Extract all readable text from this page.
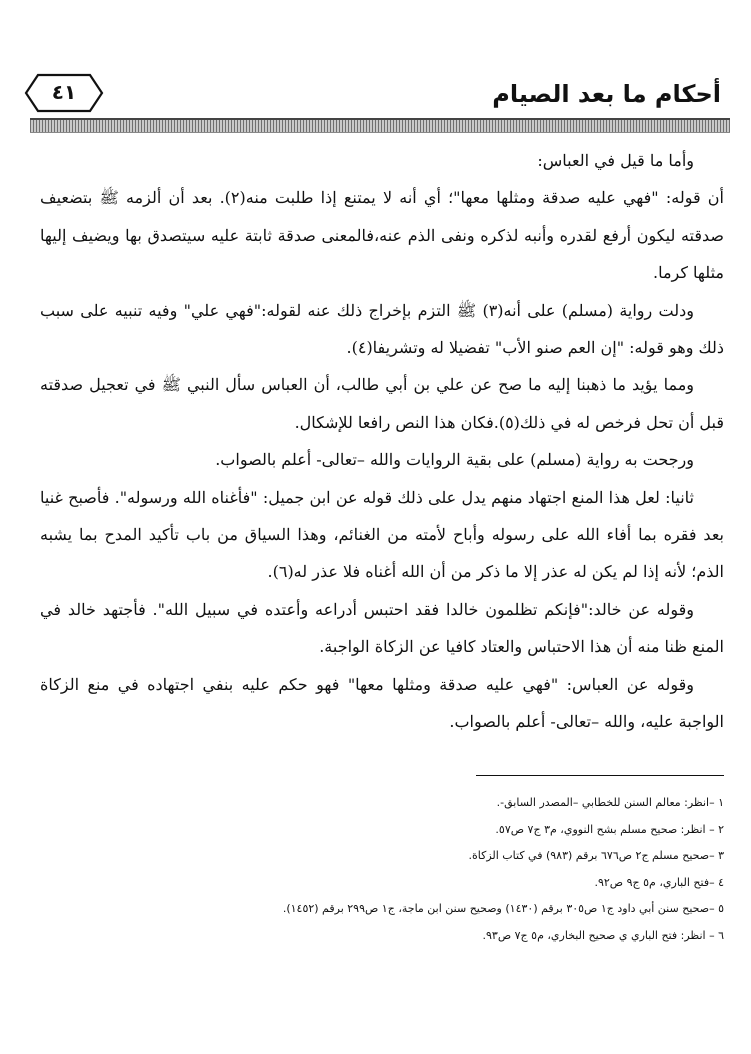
أحكام ما بعد الصيام
٤١

وأما ما قيل في العباس:

أن قوله: "فهي عليه صدقة ومثلها معها"؛ أي أنه لا يمتنع إذا طلبت منه(٢). بعد أن ألزمه ﷺ بتضعيف صدقته ليكون أرفع لقدره وأنبه لذكره ونفى الذم عنه،فالمعنى صدقة ثابتة عليه سيتصدق بها ويضيف إليها مثلها كرما.

ودلت رواية (مسلم) على أنه(٣) ﷺ التزم بإخراج ذلك عنه لقوله:"فهي علي" وفيه تنبيه على سبب ذلك وهو قوله: "إن العم صنو الأب" تفضيلا له وتشريفا(٤).

ومما يؤيد ما ذهبنا إليه ما صح عن علي بن أبي طالب، أن العباس سأل النبي ﷺ في تعجيل صدقته قبل أن تحل فرخص له في ذلك(٥).فكان هذا النص رافعا للإشكال.

ورجحت به رواية (مسلم) على بقية الروايات والله –تعالى- أعلم بالصواب.

ثانيا: لعل هذا المنع اجتهاد منهم يدل على ذلك قوله عن ابن جميل: "فأغناه الله ورسوله". فأصبح غنيا بعد فقره بما أفاء الله على رسوله وأباح لأمته من الغنائم، وهذا السياق من باب تأكيد المدح بما يشبه الذم؛ لأنه إذا لم يكن له عذر إلا ما ذكر من أن الله أغناه فلا عذر له(٦).

وقوله عن خالد:"فإنكم تظلمون خالدا فقد احتبس أدراعه وأعتده في سبيل الله". فأجتهد خالد في المنع ظنا منه أن هذا الاحتباس والعتاد كافيا عن الزكاة الواجبة.

وقوله عن العباس: "فهي عليه صدقة ومثلها معها" فهو حكم عليه بنفي اجتهاده في منع الزكاة الواجبة عليه، والله –تعالى- أعلم بالصواب.

١ –انظر: معالم السنن للخطابي –المصدر السابق-.

٢ – انظر: صحيح مسلم بشح النووي، م٣ ج٧ ص٥٧.

٣ –صحيح مسلم ج٢ ص٦٧٦ برقم (٩٨٣) في كتاب الزكاة.

٤ –فتح الباري، م٥ ج٩ ص٩٢.

٥ –صحيح سنن أبي داود ج١ ص٣٠٥ برقم (١٤٣٠) وصحيح سنن ابن ماجة، ج١ ص٢٩٩ برقم (١٤٥٢).

٦ – انظر: فتح الباري ي صحيح البخاري، م٥ ج٧ ص٩٣.
